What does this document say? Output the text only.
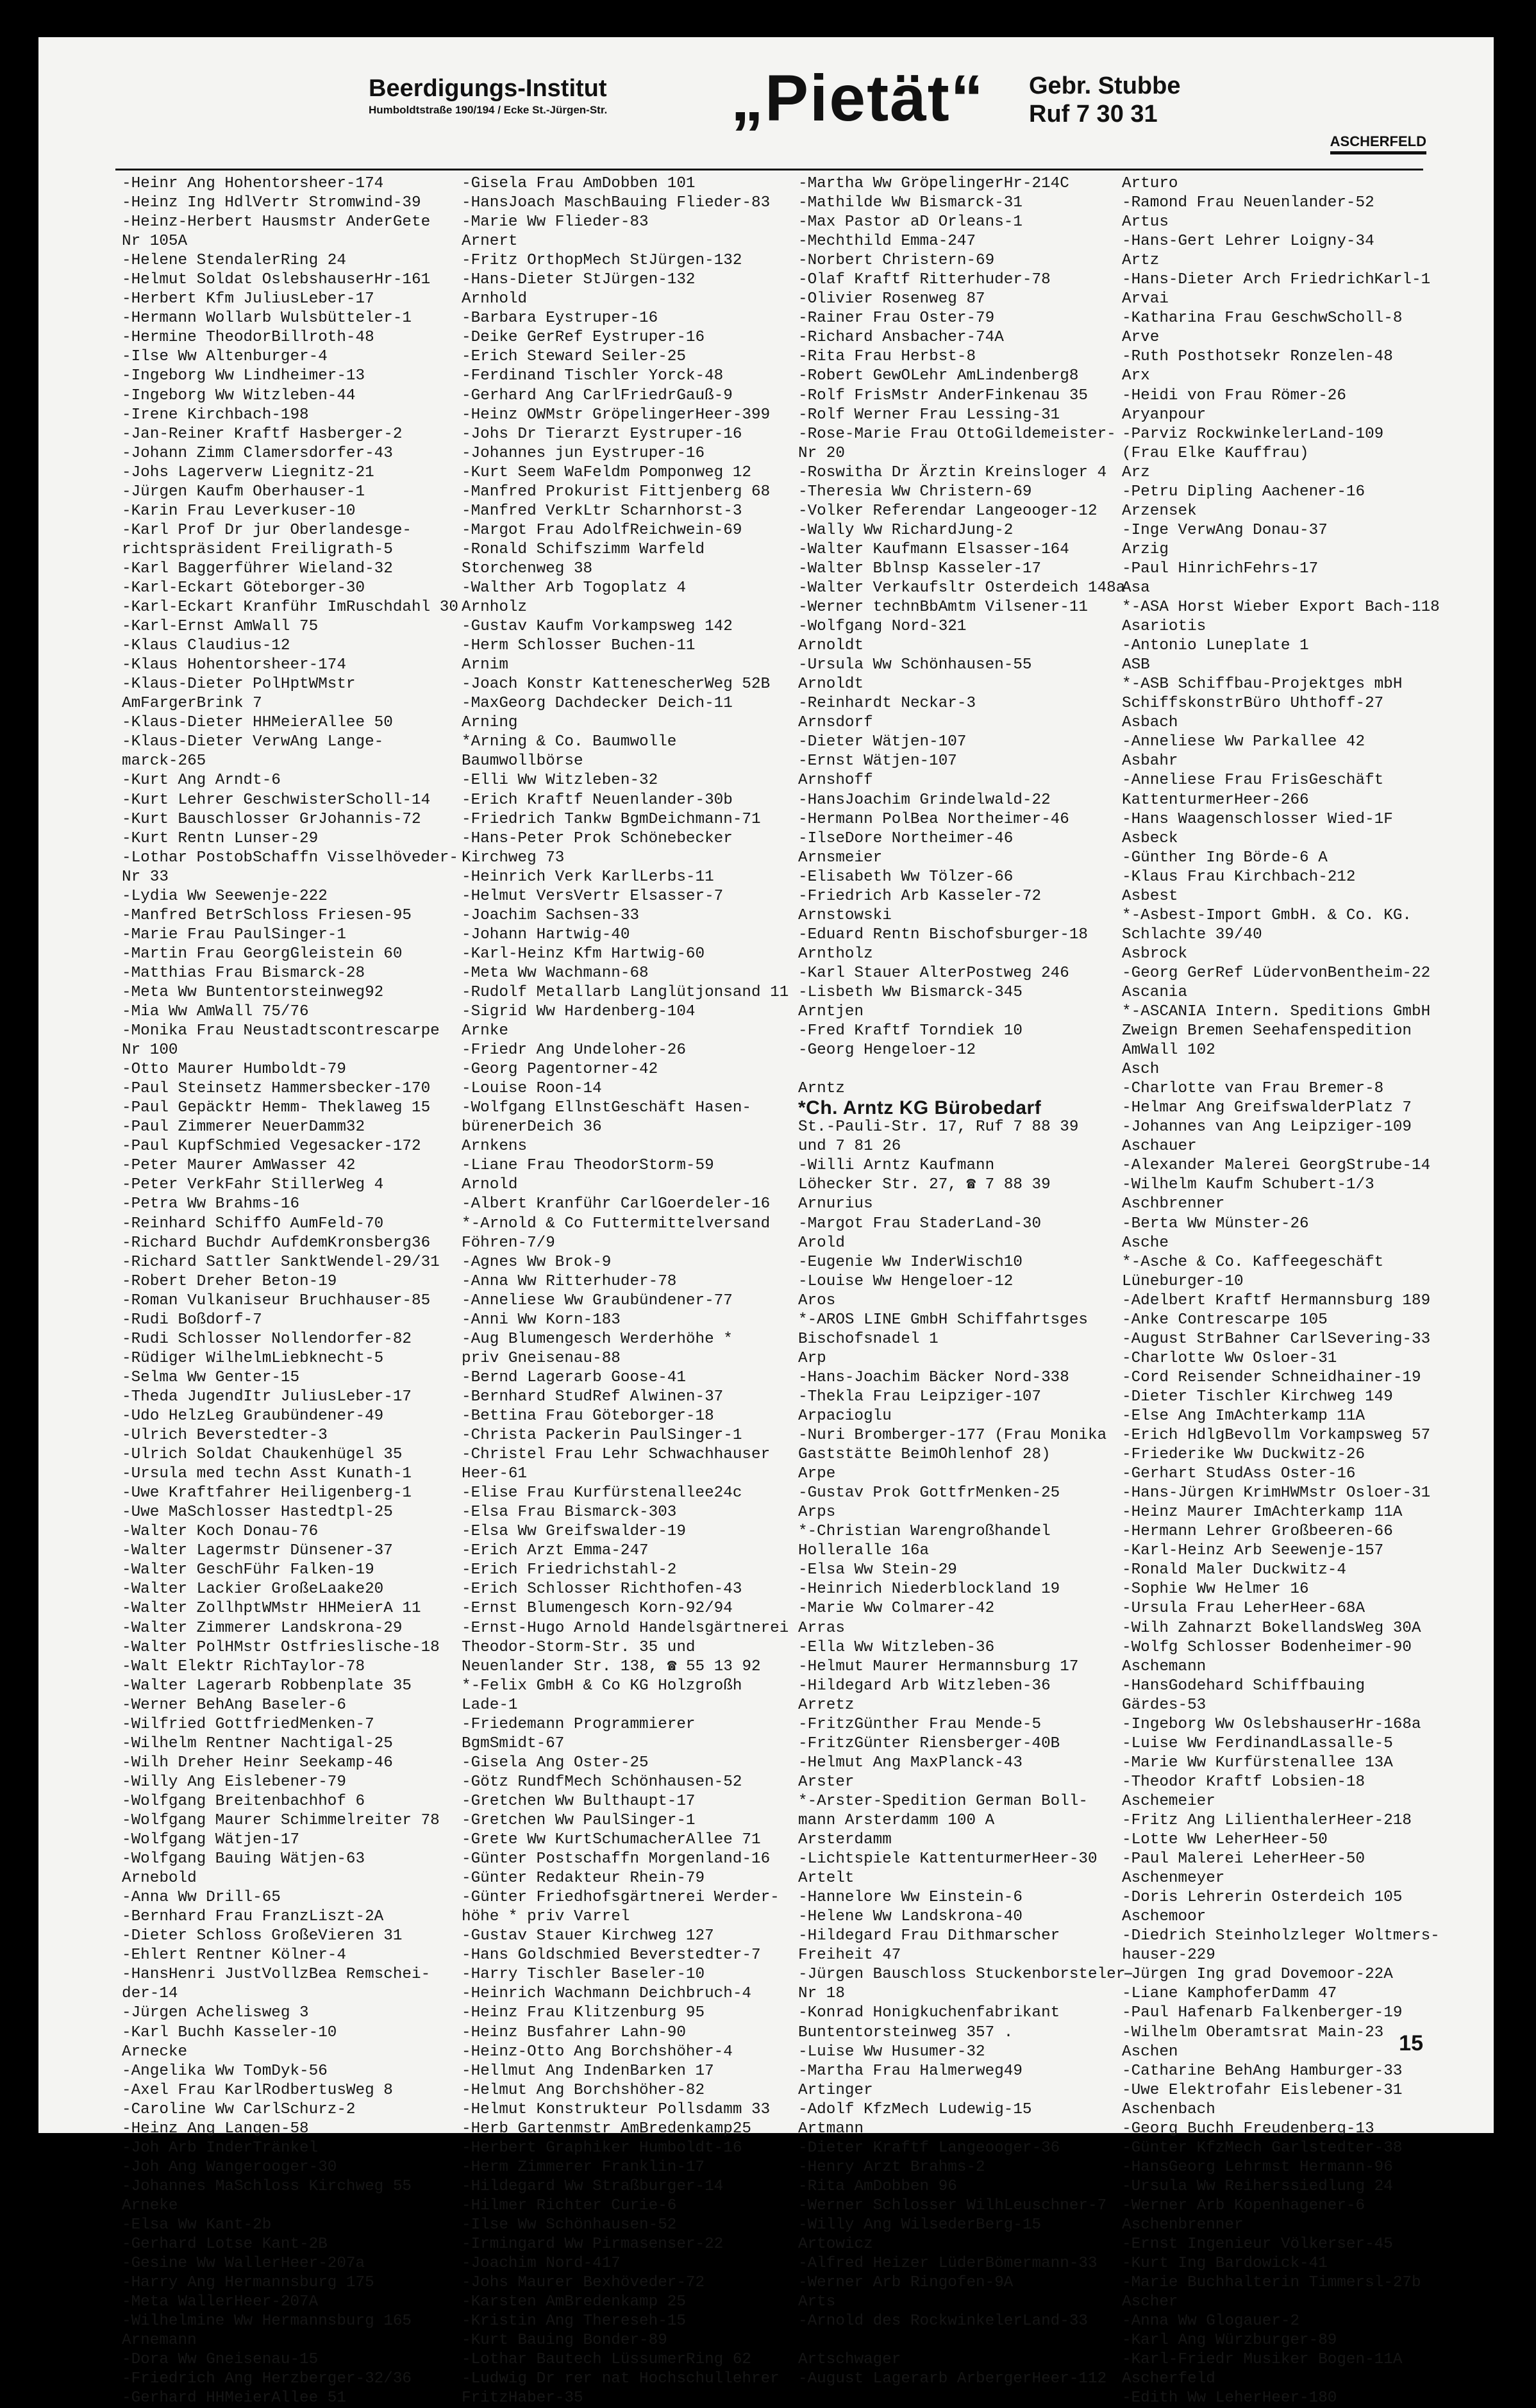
Beerdigungs-Institut
Humboldtstraße 190/194 / Ecke St.-Jürgen-Str. „Pietät“ Gebr. Stubbe
Ruf 7 30 31
ASCHERFELD
-Heinr Ang Hohentorsheer-174
-Heinz Ing HdlVertr Stromwind-39
-Heinz-Herbert Hausmstr AnderGete
Nr 105A
-Helene StendalerRing 24
-Helmut Soldat OslebshauserHr-161
-Herbert Kfm JuliusLeber-17
-Hermann Wollarb Wulsbütteler-1
-Hermine TheodorBillroth-48
-Ilse Ww Altenburger-4
-Ingeborg Ww Lindheimer-13
-Ingeborg Ww Witzleben-44
-Irene Kirchbach-198
-Jan-Reiner Kraftf Hasberger-2
-Johann Zimm Clamersdorfer-43
-Johs Lagerverw Liegnitz-21
-Jürgen Kaufm Oberhauser-1
-Karin Frau Leverkuser-10
-Karl Prof Dr jur Oberlandesge-
richtspräsident Freiligrath-5
-Karl Baggerführer Wieland-32
-Karl-Eckart Göteborger-30
-Karl-Eckart Kranführ ImRuschdahl 30
-Karl-Ernst AmWall 75
-Klaus Claudius-12
-Klaus Hohentorsheer-174
-Klaus-Dieter PolHptWMstr
AmFargerBrink 7
-Klaus-Dieter HHMeierAllee 50
-Klaus-Dieter VerwAng Lange-
marck-265
-Kurt Ang Arndt-6
-Kurt Lehrer GeschwisterScholl-14
-Kurt Bauschlosser GrJohannis-72
-Kurt Rentn Lunser-29
-Lothar PostobSchaffn Visselhöveder-
Nr 33
-Lydia Ww Seewenje-222
-Manfred BetrSchloss Friesen-95
-Marie Frau PaulSinger-1
-Martin Frau GeorgGleistein 60
-Matthias Frau Bismarck-28
-Meta Ww Buntentorsteinweg92
-Mia Ww AmWall 75/76
-Monika Frau Neustadtscontrescarpe
Nr 100
-Otto Maurer Humboldt-79
-Paul Steinsetz Hammersbecker-170
-Paul Gepäcktr Hemm- Theklaweg 15
-Paul Zimmerer NeuerDamm32
-Paul KupfSchmied Vegesacker-172
-Peter Maurer AmWasser 42
-Peter VerkFahr StillerWeg 4
-Petra Ww Brahms-16
-Reinhard SchiffO AumFeld-70
-Richard Buchdr AufdemKronsberg36
-Richard Sattler SanktWendel-29/31
-Robert Dreher Beton-19
-Roman Vulkaniseur Bruchhauser-85
-Rudi Boßdorf-7
-Rudi Schlosser Nollendorfer-82
-Rüdiger WilhelmLiebknecht-5
-Selma Ww Genter-15
-Theda JugendItr JuliusLeber-17
-Udo HelzLeg Graubündener-49
-Ulrich Beverstedter-3
-Ulrich Soldat Chaukenhügel 35
-Ursula med techn Asst Kunath-1
-Uwe Kraftfahrer Heiligenberg-1
-Uwe MaSchlosser Hastedtpl-25
-Walter Koch Donau-76
-Walter Lagermstr Dünsener-37
-Walter GeschFühr Falken-19
-Walter Lackier GroßeLaake20
-Walter ZollhptWMstr HHMeierA 11
-Walter Zimmerer Landskrona-29
-Walter PolHMstr Ostfrieslische-18
-Walt Elektr RichTaylor-78
-Walter Lagerarb Robbenplate 35
-Werner BehAng Baseler-6
-Wilfried GottfriedMenken-7
-Wilhelm Rentner Nachtigal-25
-Wilh Dreher Heinr Seekamp-46
-Willy Ang Eislebener-79
-Wolfgang Breitenbachhof 6
-Wolfgang Maurer Schimmelreiter 78
-Wolfgang Wätjen-17
-Wolfgang Bauing Wätjen-63
Arnebold
-Anna Ww Drill-65
-Bernhard Frau FranzLiszt-2A
-Dieter Schloss GroßeVieren 31
-Ehlert Rentner Kölner-4
-HansHenri JustVollzBea Remschei-
der-14
-Jürgen Achelisweg 3
-Karl Buchh Kasseler-10
Arnecke
-Angelika Ww TomDyk-56
-Axel Frau KarlRodbertusWeg 8
-Caroline Ww CarlSchurz-2
-Heinz Ang Langen-58
-Joh Arb InderTränkel
-Joh Ang Wangerooger-30
-Johannes MaSchloss Kirchweg 55
Arneke
-Elsa Ww Kant-2b
-Gerhard Lotse Kant-2B
-Gesine Ww WallerHeer-207a
-Harry Ang Hermannsburg 175
-Meta WallerHeer-207A
-Wilhelmine Ww Hermannsburg 165
Arnemann
-Dora Ww Gneisenau-15
-Friedrich Ang Herzberger-32/36
-Gerhard HHMeierAllee 51
-Gisela Frau AmDobben 101
-HansJoach MaschBauing Flieder-83
-Marie Ww Flieder-83
Arnert
-Fritz OrthopMech StJürgen-132
-Hans-Dieter StJürgen-132
Arnhold
-Barbara Eystruper-16
-Deike GerRef Eystruper-16
-Erich Steward Seiler-25
-Ferdinand Tischler Yorck-48
-Gerhard Ang CarlFriedrGauß-9
-Heinz OWMstr GröpelingerHeer-399
-Johs Dr Tierarzt Eystruper-16
-Johannes jun Eystruper-16
-Kurt Seem WaFeldm Pomponweg 12
-Manfred Prokurist Fittjenberg 68
-Manfred VerkLtr Scharnhorst-3
-Margot Frau AdolfReichwein-69
-Ronald Schifszimm Warfeld
Storchenweg 38
-Walther Arb Togoplatz 4
Arnholz
-Gustav Kaufm Vorkampsweg 142
-Herm Schlosser Buchen-11
Arnim
-Joach Konstr KattenescherWeg 52B
-MaxGeorg Dachdecker Deich-11
Arning
*Arning & Co. Baumwolle
Baumwollbörse
-Elli Ww Witzleben-32
-Erich Kraftf Neuenlander-30b
-Friedrich Tankw BgmDeichmann-71
-Hans-Peter Prok Schönebecker
Kirchweg 73
-Heinrich Verk KarlLerbs-11
-Helmut VersVertr Elsasser-7
-Joachim Sachsen-33
-Johann Hartwig-40
-Karl-Heinz Kfm Hartwig-60
-Meta Ww Wachmann-68
-Rudolf Metallarb Langlütjonsand 11
-Sigrid Ww Hardenberg-104
Arnke
-Friedr Ang Undeloher-26
-Georg Pagentorner-42
-Louise Roon-14
-Wolfgang EllnstGeschäft Hasen-
bürenerDeich 36
Arnkens
-Liane Frau TheodorStorm-59
Arnold
-Albert Kranführ CarlGoerdeler-16
*-Arnold & Co Futtermittelversand
Föhren-7/9
-Agnes Ww Brok-9
-Anna Ww Ritterhuder-78
-Anneliese Ww Graubündener-77
-Anni Ww Korn-183
-Aug Blumengesch Werderhöhe *
priv Gneisenau-88
-Bernd Lagerarb Goose-41
-Bernhard StudRef Alwinen-37
-Bettina Frau Göteborger-18
-Christa Packerin PaulSinger-1
-Christel Frau Lehr Schwachhauser
Heer-61
-Elise Frau Kurfürstenallee24c
-Elsa Frau Bismarck-303
-Elsa Ww Greifswalder-19
-Erich Arzt Emma-247
-Erich Friedrichstahl-2
-Erich Schlosser Richthofen-43
-Ernst Blumengesch Korn-92/94
-Ernst-Hugo Arnold Handelsgärtnerei
Theodor-Storm-Str. 35 und
Neuenlander Str. 138, ☎ 55 13 92
*-Felix GmbH & Co KG Holzgroßh
Lade-1
-Friedemann Programmierer
BgmSmidt-67
-Gisela Ang Oster-25
-Götz RundfMech Schönhausen-52
-Gretchen Ww Bulthaupt-17
-Gretchen Ww PaulSinger-1
-Grete Ww KurtSchumacherAllee 71
-Günter Postschaffn Morgenland-16
-Günter Redakteur Rhein-79
-Günter Friedhofsgärtnerei Werder-
höhe * priv Varrel
-Gustav Stauer Kirchweg 127
-Hans Goldschmied Beverstedter-7
-Harry Tischler Baseler-10
-Heinrich Wachmann Deichbruch-4
-Heinz Frau Klitzenburg 95
-Heinz Busfahrer Lahn-90
-Heinz-Otto Ang Borchshöher-4
-Hellmut Ang IndenBarken 17
-Helmut Ang Borchshöher-82
-Helmut Konstrukteur Pollsdamm 33
-Herb Gartenmstr AmBredenkamp25
-Herbert Graphiker Humboldt-16
-Herm Zimmerer Franklin-17
-Hildegard Ww Straßburger-14
-Hilmer Richter Curie-6
-Ilse Ww Schönhausen-52
-Irmingard Ww Pirmasenser-22
-Joachim Nord-417
-Johs Maurer Bexhöveder-72
-Karsten AmBredenkamp 25
-Kristin Ang Thereseh-15
-Kurt Bauing Bonder-89
-Lothar Bautech LüssumerRing 62
-Ludwig Dr rer nat Hochschullehrer
FritzHaber-35
-Martha Ww GröpelingerHr-214C
-Mathilde Ww Bismarck-31
-Max Pastor aD Orleans-1
-Mechthild Emma-247
-Norbert Christern-69
-Olaf Kraftf Ritterhuder-78
-Olivier Rosenweg 87
-Rainer Frau Oster-79
-Richard Ansbacher-74A
-Rita Frau Herbst-8
-Robert GewOLehr AmLindenberg8
-Rolf FrisMstr AnderFinkenau 35
-Rolf Werner Frau Lessing-31
-Rose-Marie Frau OttoGildemeister-
Nr 20
-Roswitha Dr Ärztin Kreinsloger 4
-Theresia Ww Christern-69
-Volker Referendar Langeooger-12
-Wally Ww RichardJung-2
-Walter Kaufmann Elsasser-164
-Walter Bblnsp Kasseler-17
-Walter Verkaufsltr Osterdeich 148a
-Werner technBbAmtm Vilsener-11
-Wolfgang Nord-321
Arnoldt
-Ursula Ww Schönhausen-55
Arnoldt
-Reinhardt Neckar-3
Arnsdorf
-Dieter Wätjen-107
-Ernst Wätjen-107
Arnshoff
-HansJoachim Grindelwald-22
-Hermann PolBea Northeimer-46
-IlseDore Northeimer-46
Arnsmeier
-Elisabeth Ww Tölzer-66
-Friedrich Arb Kasseler-72
Arnstowski
-Eduard Rentn Bischofsburger-18
Arntholz
-Karl Stauer AlterPostweg 246
-Lisbeth Ww Bismarck-345
Arntjen
-Fred Kraftf Torndiek 10
-Georg Hengeloer-12
Arntz
*Ch. Arntz KG Bürobedarf
St.-Pauli-Str. 17, Ruf 7 88 39
und 7 81 26
-Willi Arntz Kaufmann
Löhecker Str. 27, ☎ 7 88 39
Arnurius
-Margot Frau StaderLand-30
Arold
-Eugenie Ww InderWisch10
-Louise Ww Hengeloer-12
Aros
*-AROS LINE GmbH Schiffahrtsges
Bischofsnadel 1
Arp
-Hans-Joachim Bäcker Nord-338
-Thekla Frau Leipziger-107
Arpacioglu
-Nuri Bromberger-177 (Frau Monika
Gaststätte BeimOhlenhof 28)
Arpe
-Gustav Prok GottfrMenken-25
Arps
*-Christian Warengroßhandel
Holleralle 16a
-Elsa Ww Stein-29
-Heinrich Niederblockland 19
-Marie Ww Colmarer-42
Arras
-Ella Ww Witzleben-36
-Helmut Maurer Hermannsburg 17
-Hildegard Arb Witzleben-36
Arretz
-FritzGünther Frau Mende-5
-FritzGünter Riensberger-40B
-Helmut Ang MaxPlanck-43
Arster
*-Arster-Spedition German Boll-
mann Arsterdamm 100 A
Arsterdamm
-Lichtspiele KattenturmerHeer-30
Artelt
-Hannelore Ww Einstein-6
-Helene Ww Landskrona-40
-Hildegard Frau Dithmarscher
Freiheit 47
-Jürgen Bauschloss Stuckenborsteler-
Nr 18
-Konrad Honigkuchenfabrikant
Buntentorsteinweg 357 .
-Luise Ww Husumer-32
-Martha Frau Halmerweg49
Artinger
-Adolf KfzMech Ludewig-15
Artmann
-Dieter Kraftf Langeooger-36
-Henry Arzt Brahms-2
-Rita AmDobben 96
-Werner Schlosser WilhLeuschner-7
-Willy Ang WilsederBerg-15
Artowicz
-Alfred Heizer LüderBömermann-33
-Werner Arb Ringofen-9A
Arts
-Arnold des RockwinkelerLand-33
Artschwager
-August Lagerarb ArbergerHeer-112
Arturo
-Ramond Frau Neuenlander-52
Artus
-Hans-Gert Lehrer Loigny-34
Artz
-Hans-Dieter Arch FriedrichKarl-1
Arvai
-Katharina Frau GeschwScholl-8
Arve
-Ruth Posthotsekr Ronzelen-48
Arx
-Heidi von Frau Römer-26
Aryanpour
-Parviz RockwinkelerLand-109
(Frau Elke Kauffrau)
Arz
-Petru Dipling Aachener-16
Arzensek
-Inge VerwAng Donau-37
Arzig
-Paul HinrichFehrs-17
Asa
*-ASA Horst Wieber Export Bach-118
Asariotis
-Antonio Luneplate 1
ASB
*-ASB Schiffbau-Projektges mbH
SchiffskonstrBüro Uhthoff-27
Asbach
-Anneliese Ww Parkallee 42
Asbahr
-Anneliese Frau FrisGeschäft
KattenturmerHeer-266
-Hans Waagenschlosser Wied-1F
Asbeck
-Günther Ing Börde-6 A
-Klaus Frau Kirchbach-212
Asbest
*-Asbest-Import GmbH. & Co. KG.
Schlachte 39/40
Asbrock
-Georg GerRef LüdervonBentheim-22
Ascania
*-ASCANIA Intern. Speditions GmbH
Zweign Bremen Seehafenspedition
AmWall 102
Asch
-Charlotte van Frau Bremer-8
-Helmar Ang GreifswalderPlatz 7
-Johannes van Ang Leipziger-109
Aschauer
-Alexander Malerei GeorgStrube-14
-Wilhelm Kaufm Schubert-1/3
Aschbrenner
-Berta Ww Münster-26
Asche
*-Asche & Co. Kaffeegeschäft
Lüneburger-10
-Adelbert Kraftf Hermannsburg 189
-Anke Contrescarpe 105
-August StrBahner CarlSevering-33
-Charlotte Ww Osloer-31
-Cord Reisender Schneidhainer-19
-Dieter Tischler Kirchweg 149
-Else Ang ImAchterkamp 11A
-Erich HdlgBevollm Vorkampsweg 57
-Friederike Ww Duckwitz-26
-Gerhart StudAss Oster-16
-Hans-Jürgen KrimHWMstr Osloer-31
-Heinz Maurer ImAchterkamp 11A
-Hermann Lehrer Großbeeren-66
-Karl-Heinz Arb Seewenje-157
-Ronald Maler Duckwitz-4
-Sophie Ww Helmer 16
-Ursula Frau LeherHeer-68A
-Wilh Zahnarzt BokellandsWeg 30A
-Wolfg Schlosser Bodenheimer-90
Aschemann
-HansGodehard Schiffbauing
Gärdes-53
-Ingeborg Ww OslebshauserHr-168a
-Luise Ww FerdinandLassalle-5
-Marie Ww Kurfürstenallee 13A
-Theodor Kraftf Lobsien-18
Aschemeier
-Fritz Ang LilienthalerHeer-218
-Lotte Ww LeherHeer-50
-Paul Malerei LeherHeer-50
Aschenmeyer
-Doris Lehrerin Osterdeich 105
Aschemoor
-Diedrich Steinholzleger Woltmers-
hauser-229
-Jürgen Ing grad Dovemoor-22A
-Liane KamphoferDamm 47
-Paul Hafenarb Falkenberger-19
-Wilhelm Oberamtsrat Main-23
Aschen
-Catharine BehAng Hamburger-33
-Uwe Elektrofahr Eislebener-31
Aschenbach
-Georg Buchh Freudenberg-13
-Günter KfzMech Garlstedter-38
-HansGeorg Lehrmst Hermann-96
-Ursula Ww Reiherssiedlung 24
-Werner Arb Kopenhagener-6
Aschenbrenner
-Ernst Ingenieur Völkerser-45
-Kurt Ing Bardowick-41
-Marie Buchhalterin Timmersl-27b
Ascher
-Anna Ww Glogauer-2
-Karl Ang Würzburger-89
-Karl-Friedr Musiker Bogen-11A
Ascherfeld
-Edith Ww LeherHeer-180
15
